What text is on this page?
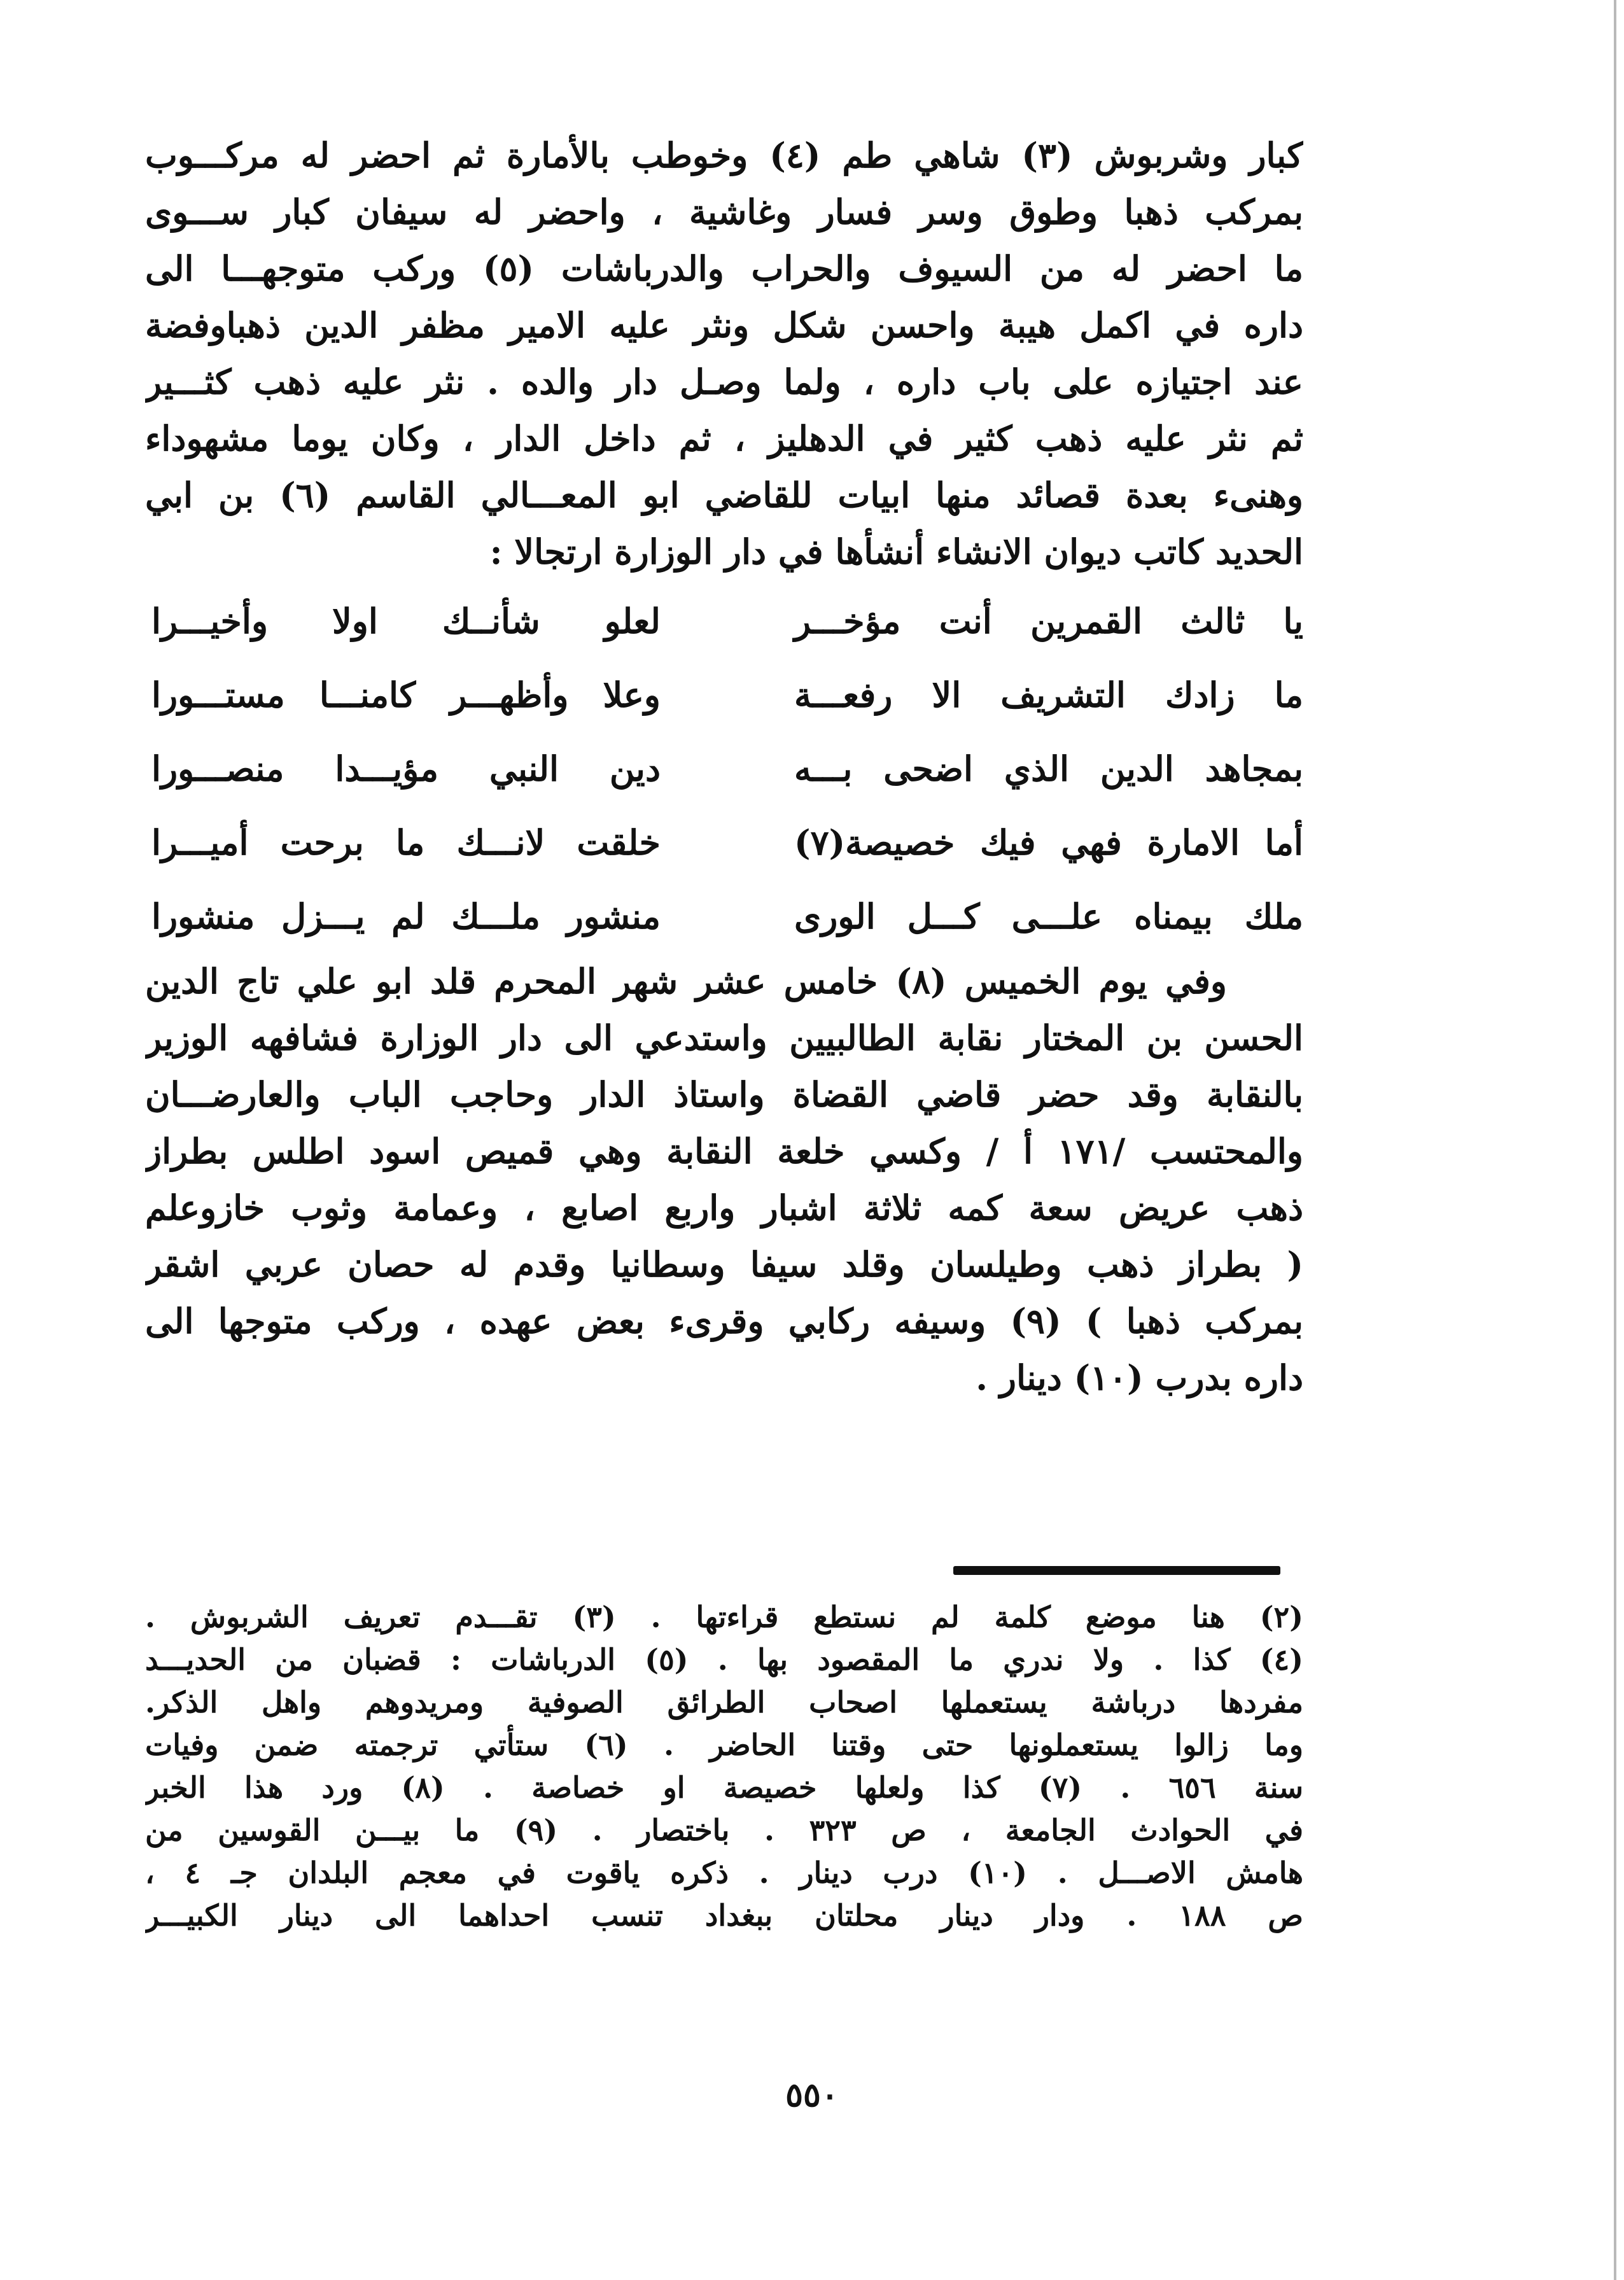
كبار وشربوش (٣) شاهي طم (٤) وخوطب بالأمارة ثم احضر له مركـــوب
بمركب ذهبا وطوق وسر فسار وغاشية ، واحضر له سيفان كبار ســـوى
ما احضر له من السيوف والحراب والدرباشات (٥) وركب متوجهـــا الى
داره في اكمل هيبة واحسن شكل ونثر عليه الامير مظفر الدين ذهباوفضة
عند اجتيازه على باب داره ، ولما وصـل دار والده . نثر عليه ذهب كثـــير
ثم نثر عليه ذهب كثير في الدهليز ، ثم داخل الدار ، وكان يوما مشهوداء
وهنىء بعدة قصائد منها ابيات للقاضي ابو المعـــالي القاسم (٦) بن ابي
الحديد كاتب ديوان الانشاء أنشأها في دار الوزارة ارتجالا :
يا ثالث القمرين أنت مؤخـــر
لعلو شأنــك اولا وأخيـــرا
ما زادك التشريف الا رفعـــة
وعلا وأظهـــر كامنـــا مستـــورا
بمجاهد الدين الذي اضحى بـــه
دين النبي مؤيـــدا منصـــورا
أما الامارة فهي فيك خصيصة(٧)
خلقت لانـــك ما برحت أميـــرا
ملك بيمناه علـــى كـــل الورى
منشور ملـــك لم يـــزل منشورا
وفي يوم الخميس (٨) خامس عشر شهر المحرم قلد ابو علي تاج الدين
الحسن بن المختار نقابة الطالبيين واستدعي الى دار الوزارة فشافهه الوزير
بالنقابة وقد حضر قاضي القضاة واستاذ الدار وحاجب الباب والعارضـــان
والمحتسب /١٧١ أ / وكسي خلعة النقابة وهي قميص اسود اطلس بطراز
ذهب عريض سعة كمه ثلاثة اشبار واربع اصابع ، وعمامة وثوب خازوعلم
( بطراز ذهب وطيلسان وقلد سيفا وسطانيا وقدم له حصان عربي اشقر
بمركب ذهبا ) (٩) وسيفه ركابي وقرىء بعض عهده ، وركب متوجها الى
داره بدرب (١٠) دينار .
(٢) هنا موضع كلمة لم نستطع قراءتها . (٣) تقـــدم تعريف الشربوش .
(٤) كذا . ولا ندري ما المقصود بها . (٥) الدرباشات : قضبان من الحديـــد
مفردها درباشة يستعملها اصحاب الطرائق الصوفية ومريدوهم واهل الذكر.
وما زالوا يستعملونها حتى وقتنا الحاضر . (٦) ستأتي ترجمته ضمن وفيات
سنة ٦٥٦ . (٧) كذا ولعلها خصيصة او خصاصة . (٨) ورد هذا الخبر
في الحوادث الجامعة ، ص ٣٢٣ . باختصار . (٩) ما بيـــن القوسين من
هامش الاصـــل . (١٠) درب دينار . ذكره ياقوت في معجم البلدان جـ ٤ ،
ص ١٨٨ . ودار دينار محلتان ببغداد تنسب احداهما الى دينار الكبيـــر
٥٥٠
